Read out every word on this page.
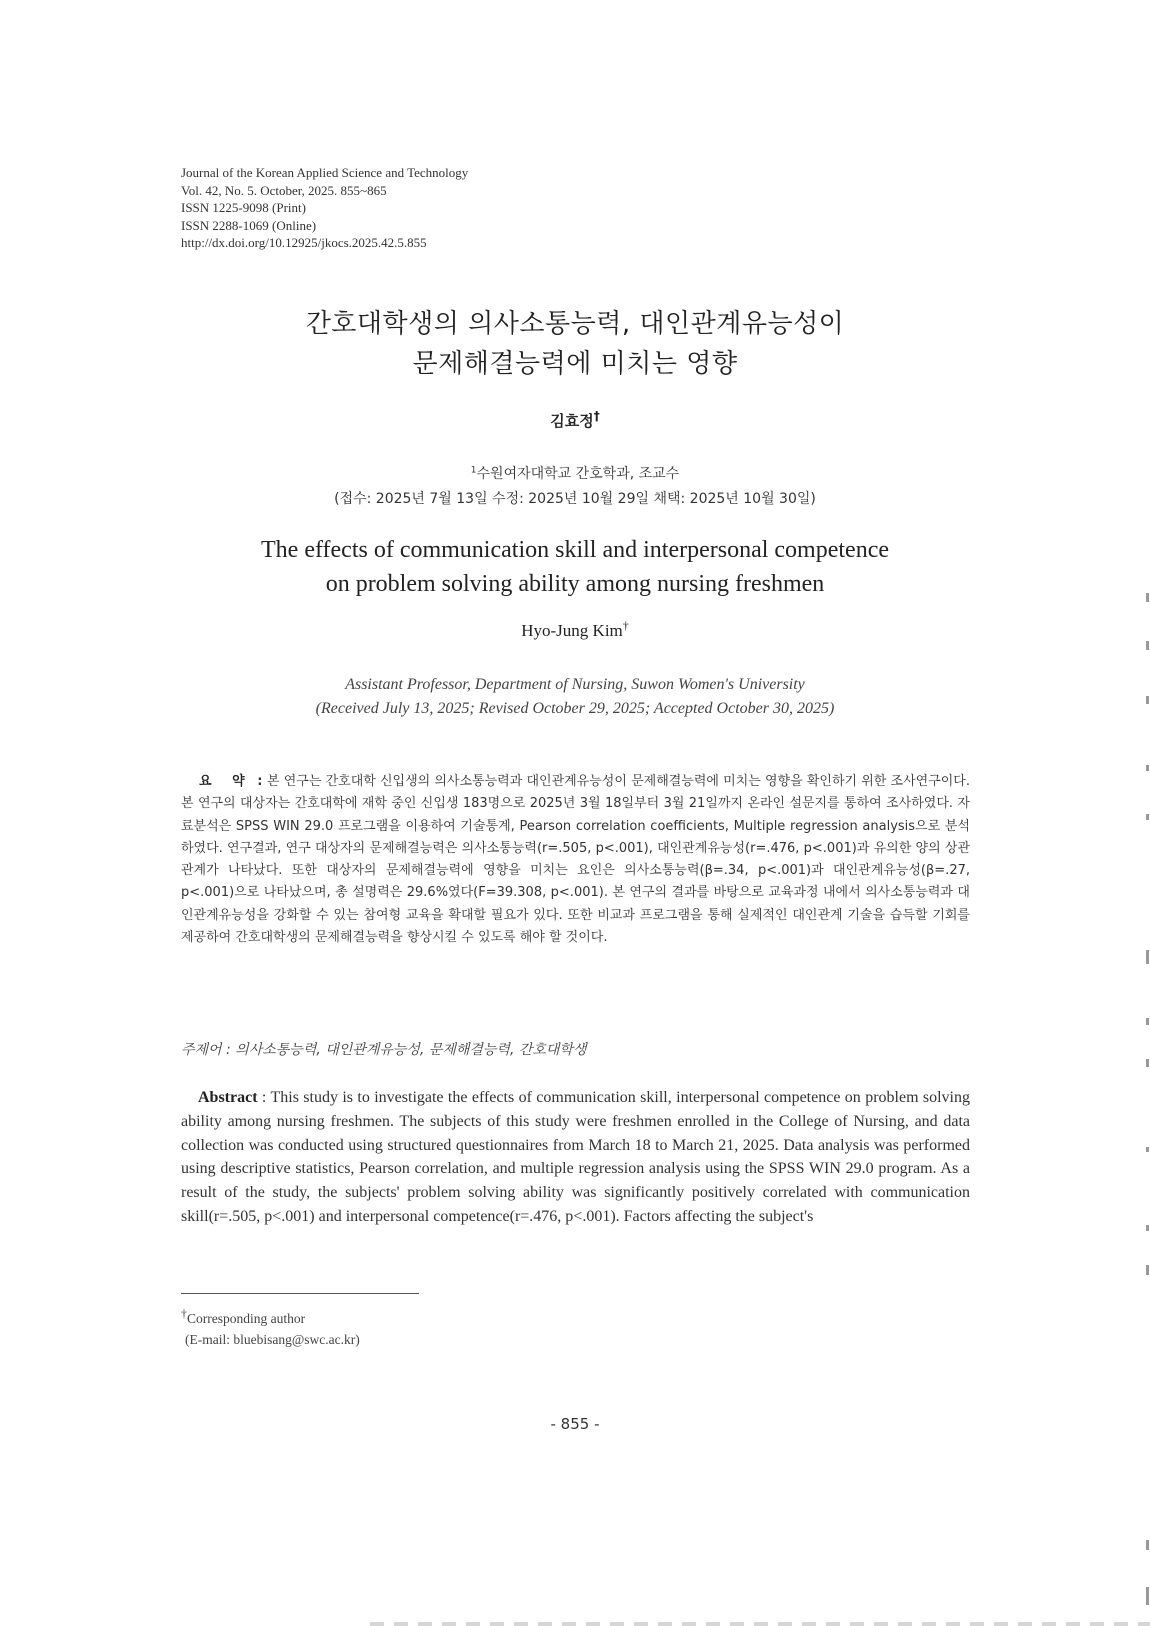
Journal of the Korean Applied Science and Technology
Vol. 42, No. 5. October, 2025. 855~865
ISSN 1225-9098 (Print)
ISSN 2288-1069 (Online)
http://dx.doi.org/10.12925/jkocs.2025.42.5.855
간호대학생의 의사소통능력, 대인관계유능성이
문제해결능력에 미치는 영향
김효정†
$^1$수원여자대학교 간호학과, 조교수
(접수: 2025년 7월 13일 수정: 2025년 10월 29일 채택: 2025년 10월 30일)
The effects of communication skill and interpersonal competence
on problem solving ability among nursing freshmen
Hyo-Jung Kim†
Assistant Professor, Department of Nursing, Suwon Women's University
(Received July 13, 2025; Revised October 29, 2025; Accepted October 30, 2025)
요 약 : 본 연구는 간호대학 신입생의 의사소통능력과 대인관계유능성이 문제해결능력에 미치는 영향을 확인하기 위한 조사연구이다. 본 연구의 대상자는 간호대학에 재학 중인 신입생 183명으로 2025년 3월 18일부터 3월 21일까지 온라인 설문지를 통하여 조사하였다. 자료분석은 SPSS WIN 29.0 프로그램을 이용하여 기술통계, Pearson correlation coefficients, Multiple regression analysis으로 분석하였다. 연구결과, 연구 대상자의 문제해결능력은 의사소통능력(r=.505, p<.001), 대인관계유능성(r=.476, p<.001)과 유의한 양의 상관관계가 나타났다. 또한 대상자의 문제해결능력에 영향을 미치는 요인은 의사소통능력(β=.34, p<.001)과 대인관계유능성(β=.27, p<.001)으로 나타났으며, 총 설명력은 29.6%였다(F=39.308, p<.001). 본 연구의 결과를 바탕으로 교육과정 내에서 의사소통능력과 대인관계유능성을 강화할 수 있는 참여형 교육을 확대할 필요가 있다. 또한 비교과 프로그램을 통해 실제적인 대인관계 기술을 습득할 기회를 제공하여 간호대학생의 문제해결능력을 향상시킬 수 있도록 해야 할 것이다.
주제어 : 의사소통능력, 대인관계유능성, 문제해결능력, 간호대학생
Abstract : This study is to investigate the effects of communication skill, interpersonal competence on problem solving ability among nursing freshmen. The subjects of this study were freshmen enrolled in the College of Nursing, and data collection was conducted using structured questionnaires from March 18 to March 21, 2025. Data analysis was performed using descriptive statistics, Pearson correlation, and multiple regression analysis using the SPSS WIN 29.0 program. As a result of the study, the subjects' problem solving ability was significantly positively correlated with communication skill(r=.505, p<.001) and interpersonal competence(r=.476, p<.001). Factors affecting the subject's
†Corresponding author
(E-mail: bluebisang@swc.ac.kr)
- 855 -
